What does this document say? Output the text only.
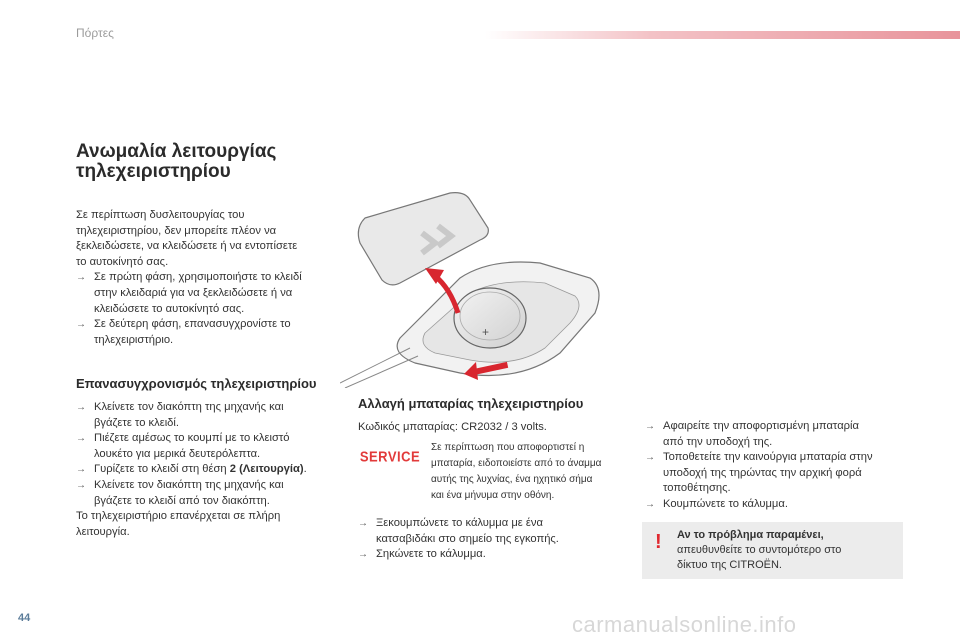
Πόρτες
Ανωμαλία λειτουργίας
τηλεχειριστηρίου
Σε περίπτωση δυσλειτουργίας του
τηλεχειριστηρίου, δεν μπορείτε πλέον να
ξεκλειδώσετε, να κλειδώσετε ή να εντοπίσετε
το αυτοκίνητό σας.
→ Σε πρώτη φάση, χρησιμοποιήστε το κλειδί
στην κλειδαριά για να ξεκλειδώσετε ή να
κλειδώσετε το αυτοκίνητό σας.
→ Σε δεύτερη φάση, επανασυγχρονίστε το
τηλεχειριστήριο.
Επανασυγχρονισμός τηλεχειριστηρίου
→ Κλείνετε τον διακόπτη της μηχανής και
βγάζετε το κλειδί.
→ Πιέζετε αμέσως το κουμπί με το κλειστό
λουκέτο για μερικά δευτερόλεπτα.
→ Γυρίζετε το κλειδί στη θέση 2 (Λειτουργία).
→ Κλείνετε τον διακόπτη της μηχανής και
βγάζετε το κλειδί από τον διακόπτη.
Το τηλεχειριστήριο επανέρχεται σε πλήρη
λειτουργία.
+
Αλλαγή μπαταρίας τηλεχειριστηρίου
Κωδικός μπαταρίας: CR2032 / 3 volts.
SERVICE Σε περίπτωση που αποφορτιστεί η
μπαταρία, ειδοποιείστε από το άναμμα
αυτής της λυχνίας, ένα ηχητικό σήμα
και ένα μήνυμα στην οθόνη.
→ Ξεκουμπώνετε το κάλυμμα με ένα
κατσαβιδάκι στο σημείο της εγκοπής.
→ Σηκώνετε το κάλυμμα.
→ Αφαιρείτε την αποφορτισμένη μπαταρία
από την υποδοχή της.
→ Τοποθετείτε την καινούργια μπαταρία στην
υποδοχή της τηρώντας την αρχική φορά
τοποθέτησης.
→ Κουμπώνετε το κάλυμμα.
! Αν το πρόβλημα παραμένει,
απευθυνθείτε το συντομότερο στο
δίκτυο της CITROËN.
44	carmanualsonline.info
